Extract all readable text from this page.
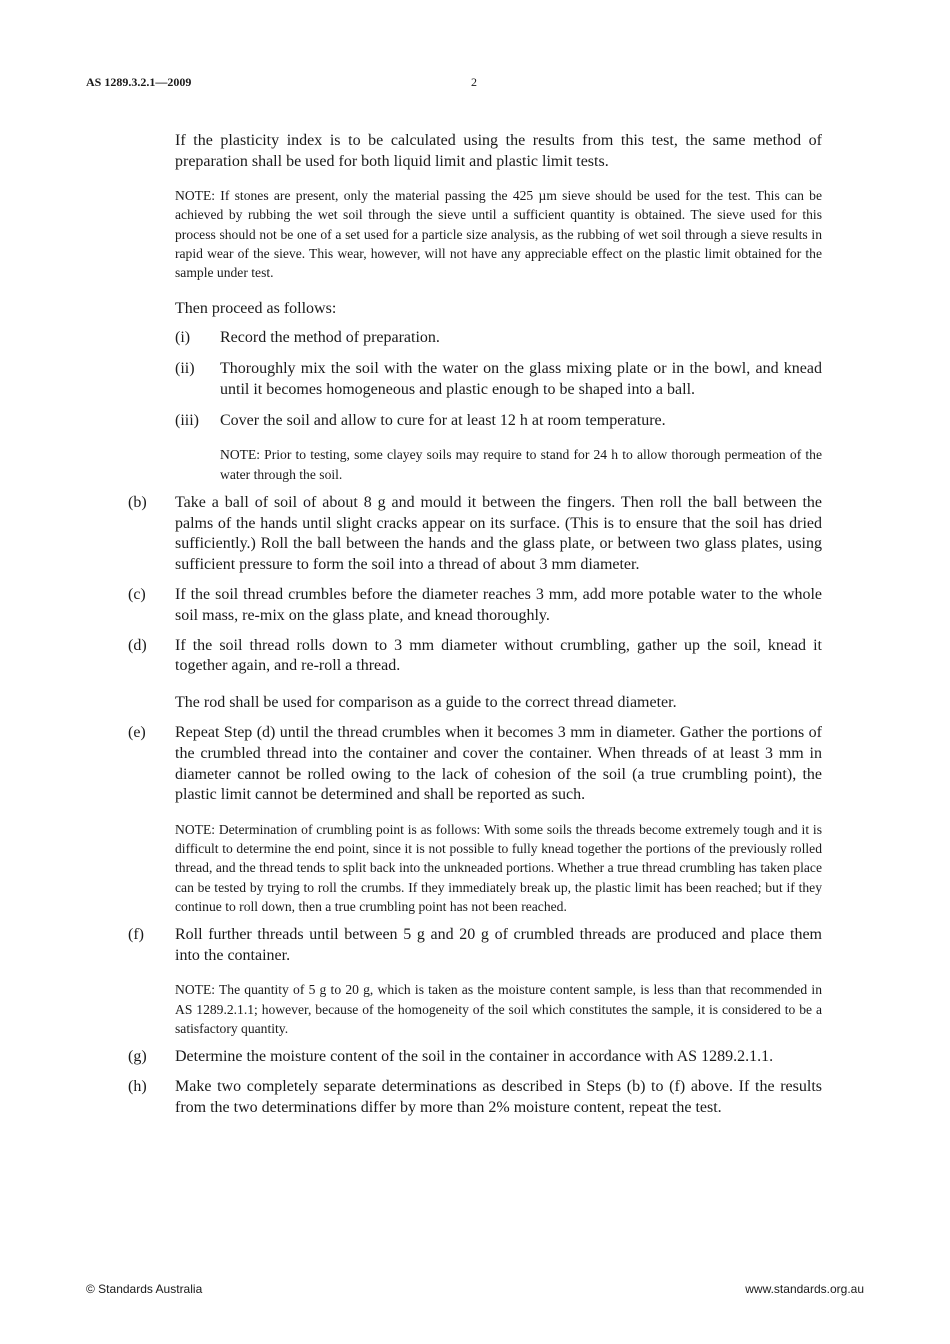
AS 1289.3.2.1—2009	2

If the plasticity index is to be calculated using the results from this test, the same method of preparation shall be used for both liquid limit and plastic limit tests.

NOTE: If stones are present, only the material passing the 425 µm sieve should be used for the test. This can be achieved by rubbing the wet soil through the sieve until a sufficient quantity is obtained. The sieve used for this process should not be one of a set used for a particle size analysis, as the rubbing of wet soil through a sieve results in rapid wear of the sieve. This wear, however, will not have any appreciable effect on the plastic limit obtained for the sample under test.

Then proceed as follows:

(i)	Record the method of preparation.
(ii)	Thoroughly mix the soil with the water on the glass mixing plate or in the bowl, and knead until it becomes homogeneous and plastic enough to be shaped into a ball.
(iii)	Cover the soil and allow to cure for at least 12 h at room temperature.

NOTE: Prior to testing, some clayey soils may require to stand for 24 h to allow thorough permeation of the water through the soil.

(b)	Take a ball of soil of about 8 g and mould it between the fingers. Then roll the ball between the palms of the hands until slight cracks appear on its surface. (This is to ensure that the soil has dried sufficiently.) Roll the ball between the hands and the glass plate, or between two glass plates, using sufficient pressure to form the soil into a thread of about 3 mm diameter.
(c)	If the soil thread crumbles before the diameter reaches 3 mm, add more potable water to the whole soil mass, re-mix on the glass plate, and knead thoroughly.
(d)	If the soil thread rolls down to 3 mm diameter without crumbling, gather up the soil, knead it together again, and re-roll a thread.

The rod shall be used for comparison as a guide to the correct thread diameter.

(e)	Repeat Step (d) until the thread crumbles when it becomes 3 mm in diameter. Gather the portions of the crumbled thread into the container and cover the container. When threads of at least 3 mm in diameter cannot be rolled owing to the lack of cohesion of the soil (a true crumbling point), the plastic limit cannot be determined and shall be reported as such.

NOTE: Determination of crumbling point is as follows: With some soils the threads become extremely tough and it is difficult to determine the end point, since it is not possible to fully knead together the portions of the previously rolled thread, and the thread tends to split back into the unkneaded portions. Whether a true thread crumbling has taken place can be tested by trying to roll the crumbs. If they immediately break up, the plastic limit has been reached; but if they continue to roll down, then a true crumbling point has not been reached.

(f)	Roll further threads until between 5 g and 20 g of crumbled threads are produced and place them into the container.

NOTE: The quantity of 5 g to 20 g, which is taken as the moisture content sample, is less than that recommended in AS 1289.2.1.1; however, because of the homogeneity of the soil which constitutes the sample, it is considered to be a satisfactory quantity.

(g)	Determine the moisture content of the soil in the container in accordance with AS 1289.2.1.1.
(h)	Make two completely separate determinations as described in Steps (b) to (f) above. If the results from the two determinations differ by more than 2% moisture content, repeat the test.
© Standards Australia	www.standards.org.au
